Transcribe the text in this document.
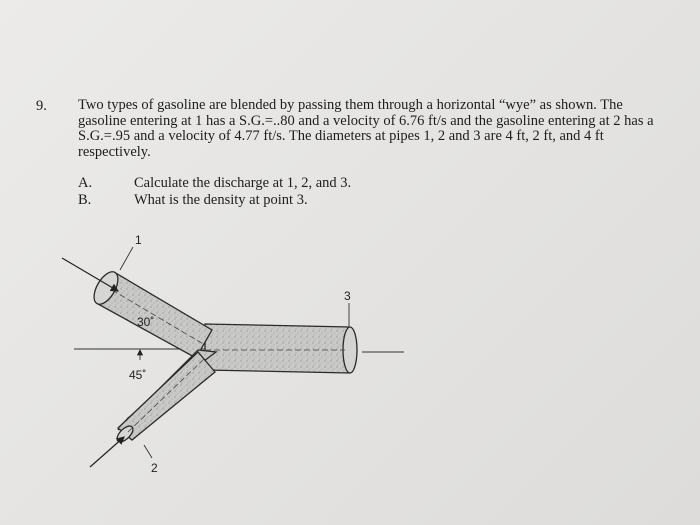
9. Two types of gasoline are blended by passing them through a horizontal “wye” as shown. The gasoline entering at 1 has a S.G.=..80 and a velocity of 6.76 ft/s and the gasoline entering at 2 has a S.G.=.95 and a velocity of 4.77 ft/s. The diameters at pipes 1, 2 and 3 are 4 ft, 2 ft, and 4 ft respectively.
A.	Calculate the discharge at 1, 2, and 3.
B.	What is the density at point 3.
1
3
2
30˚
45˚
